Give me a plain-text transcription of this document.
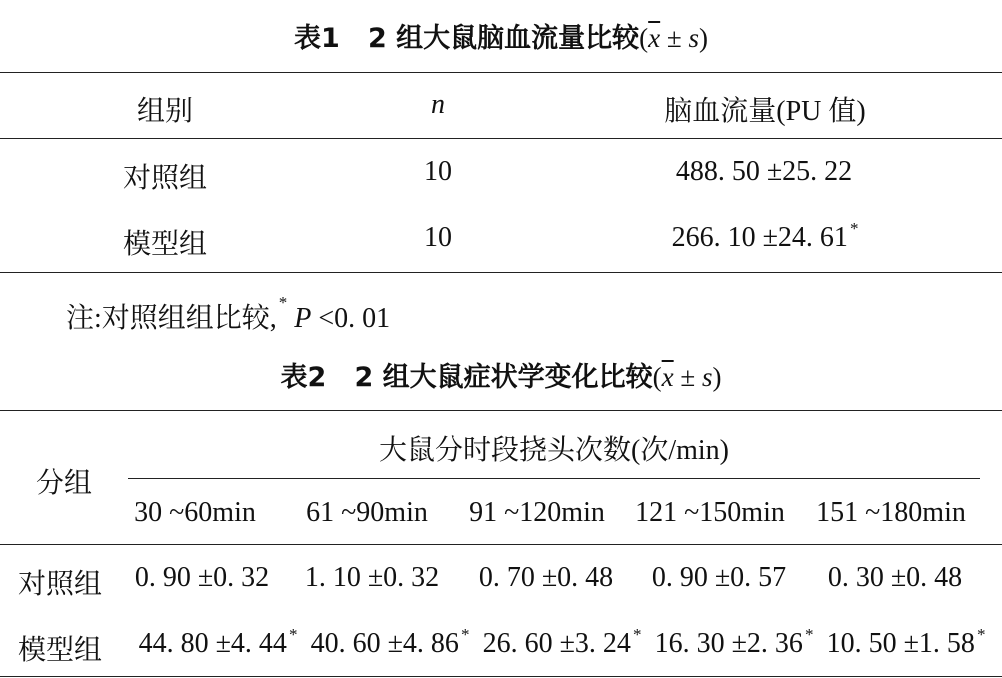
表1 2 组大鼠脑血流量比较$(\overline{x} \pm s)$
组别	n	脑血流量(PU 值)
对照组	10	488. 50 ±25. 22
模型组	10	266. 10 ±24. 61 *
注:对照组组比较,* P <0. 01
表2 2 组大鼠症状学变化比较$(\overline{x} \pm s)$
分组
大鼠分时段挠头次数(次/min)
30 ~60min	61 ~90min	91 ~120min 121 ~150min	151 ~180min
对照组 0. 90 ±0. 32	1. 10 ±0. 32	0. 70 ±0. 48	0. 90 ±0. 57	0. 30 ±0. 48
模型组 44. 80 ±4. 44 * 40. 60 ±4. 86 * 26. 60 ±3. 24 * 16. 30 ±2. 36 * 10. 50 ±1. 58 *
